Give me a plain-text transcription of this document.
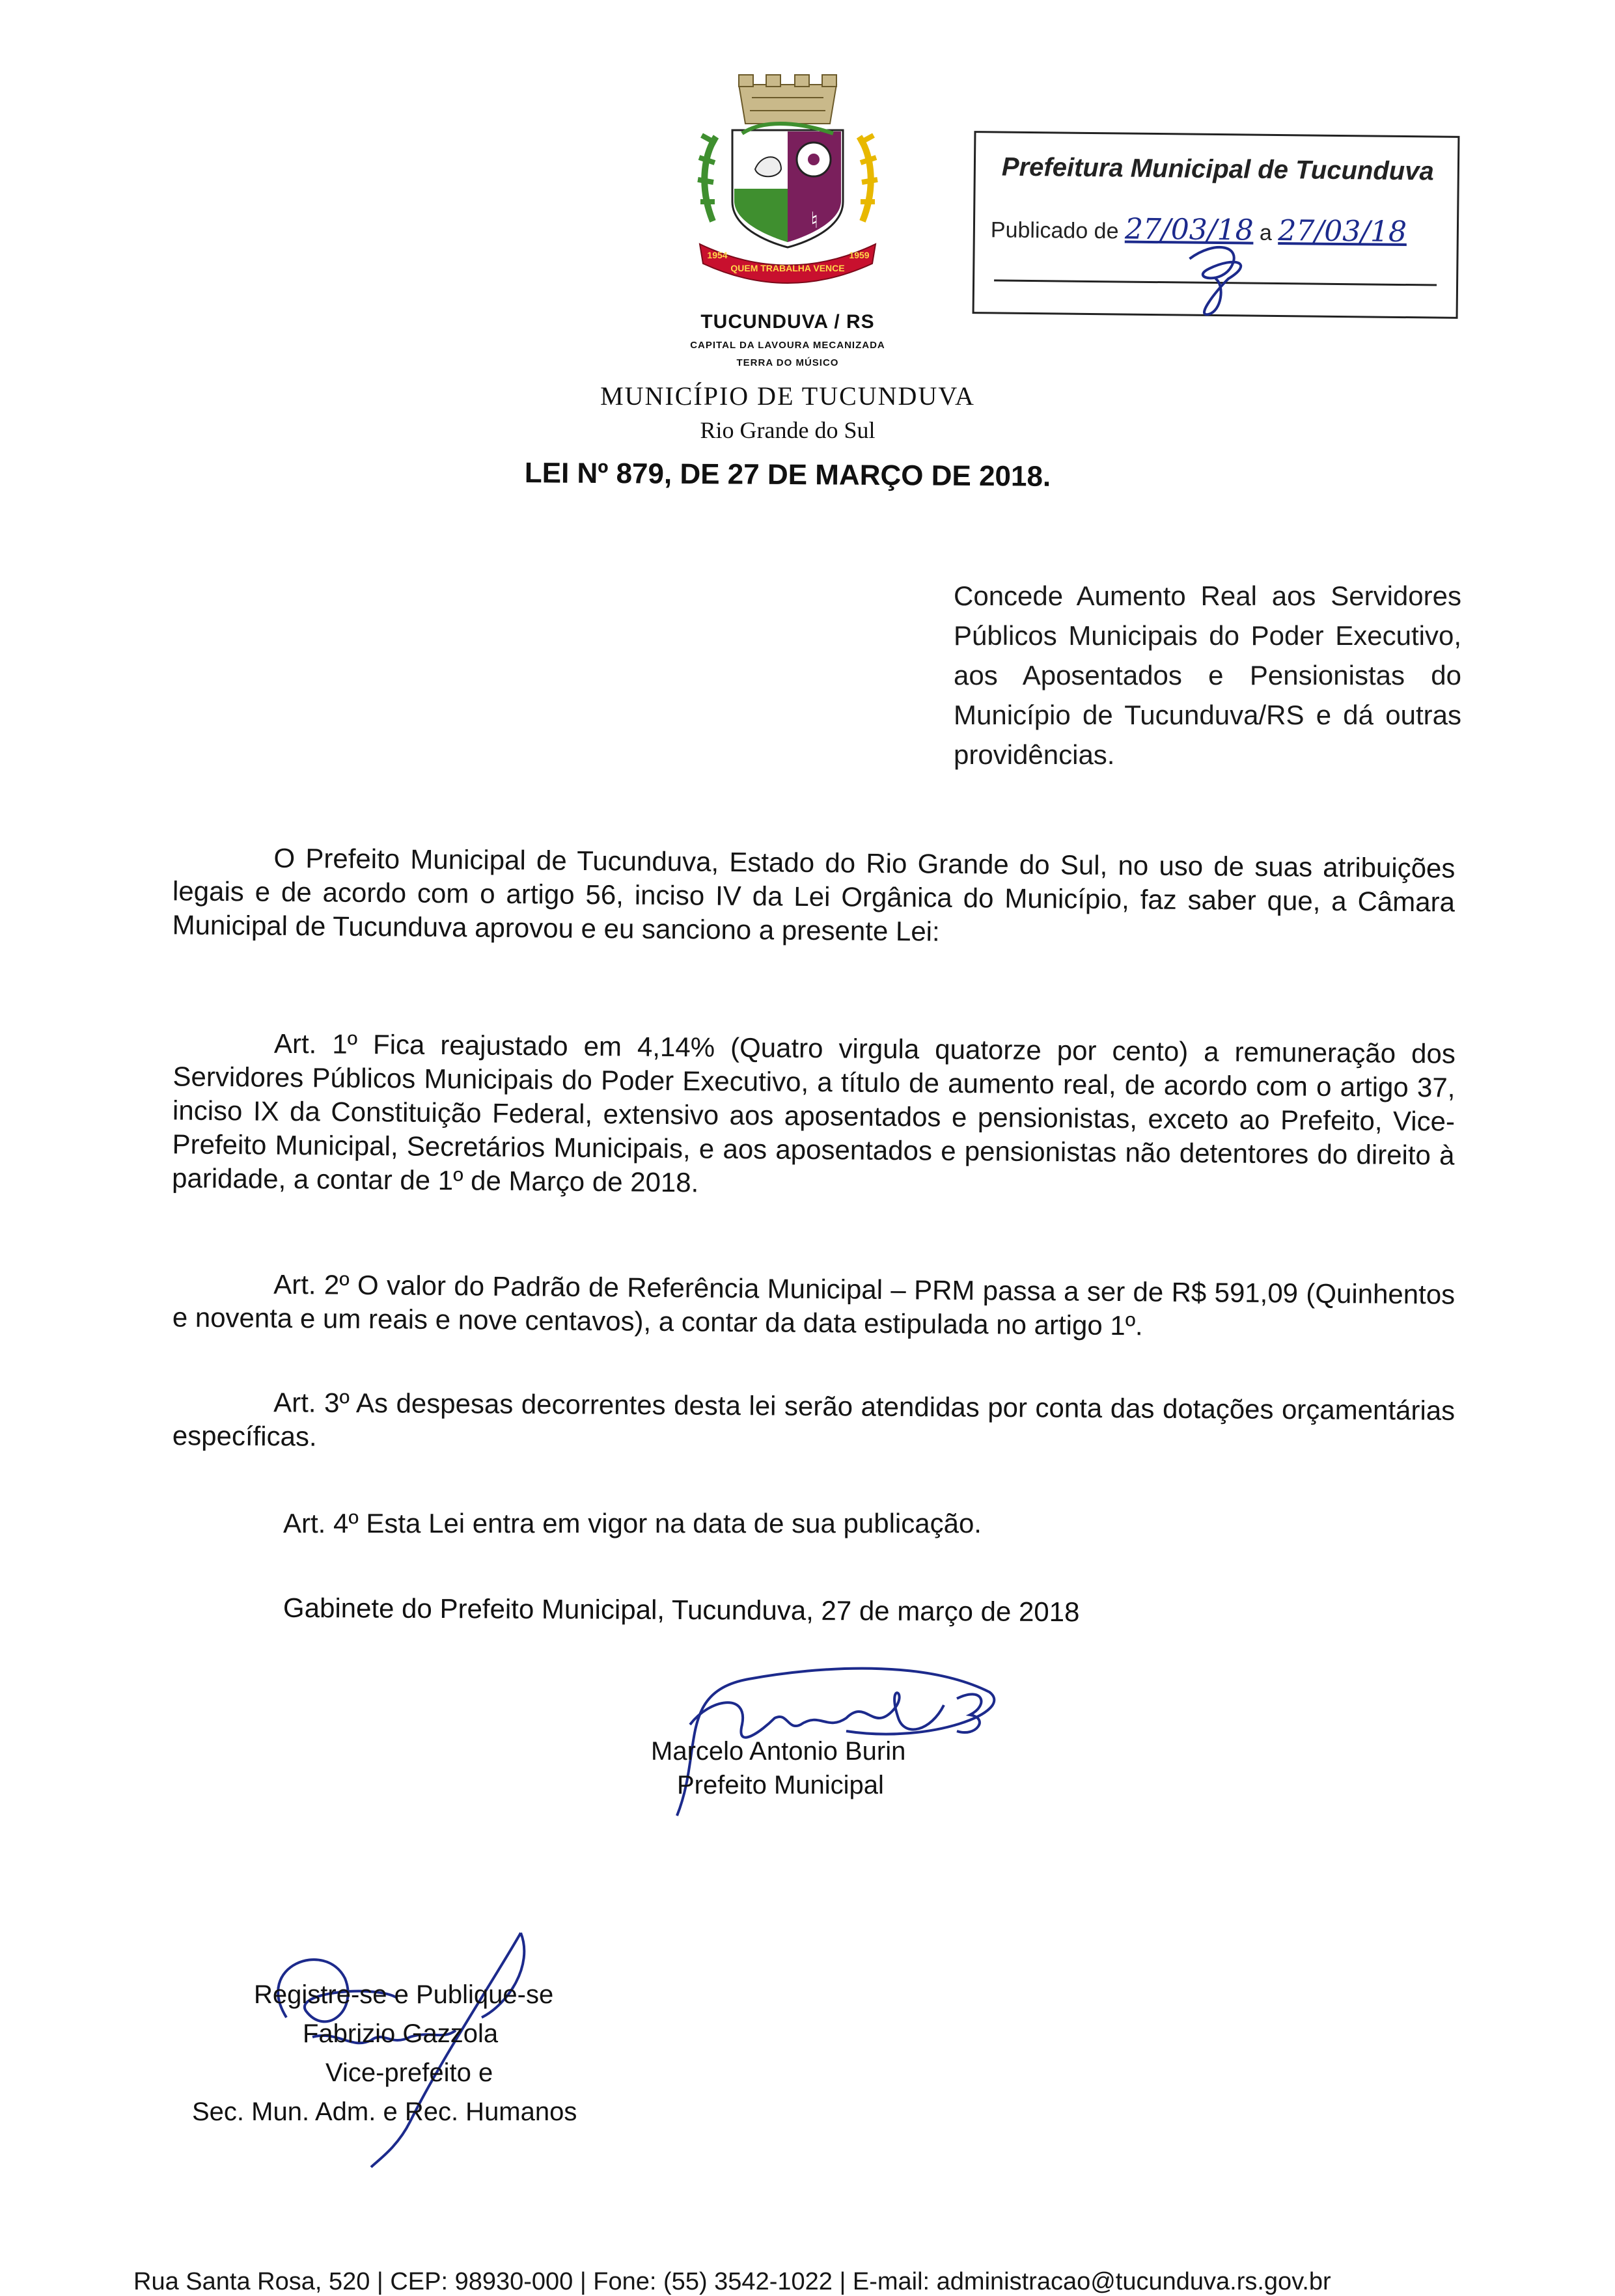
♮
QUEM TRABALHA VENCE
1954	1959
TUCUNDUVA / RS
CAPITAL DA LAVOURA MECANIZADA
TERRA DO MÚSICO
MUNICÍPIO DE TUCUNDUVA
Rio Grande do Sul
LEI Nº 879, DE 27 DE MARÇO DE 2018.
Prefeitura Municipal de Tucunduva
Publicado de 27/03/18 a 27/03/18
Concede Aumento Real aos Servidores Públicos Municipais do Poder Executivo, aos Aposentados e Pensionistas do Município de Tucunduva/RS e dá outras providências.

O Prefeito Municipal de Tucunduva, Estado do Rio Grande do Sul, no uso de suas atribuições legais e de acordo com o artigo 56, inciso IV da Lei Orgânica do Município, faz saber que, a Câmara Municipal de Tucunduva aprovou e eu sanciono a presente Lei:

Art. 1º Fica reajustado em 4,14% (Quatro virgula quatorze por cento) a remuneração dos Servidores Públicos Municipais do Poder Executivo, a título de aumento real, de acordo com o artigo 37, inciso IX da Constituição Federal, extensivo aos aposentados e pensionistas, exceto ao Prefeito, Vice-Prefeito Municipal, Secretários Municipais, e aos aposentados e pensionistas não detentores do direito à paridade, a contar de 1º de Março de 2018.

Art. 2º O valor do Padrão de Referência Municipal – PRM passa a ser de R$ 591,09 (Quinhentos e noventa e um reais e nove centavos), a contar da data estipulada no artigo 1º.

Art. 3º As despesas decorrentes desta lei serão atendidas por conta das dotações orçamentárias específicas.

Art. 4º Esta Lei entra em vigor na data de sua publicação.

Gabinete do Prefeito Municipal, Tucunduva, 27 de março de 2018
Marcelo Antonio Burin
Prefeito Municipal
Registre-se e Publique-se
Fabrizio Gazzola
Vice-prefeito e
Sec. Mun. Adm. e Rec. Humanos
Rua Santa Rosa, 520 | CEP: 98930-000 | Fone: (55) 3542-1022 | E-mail: administracao@tucunduva.rs.gov.br
